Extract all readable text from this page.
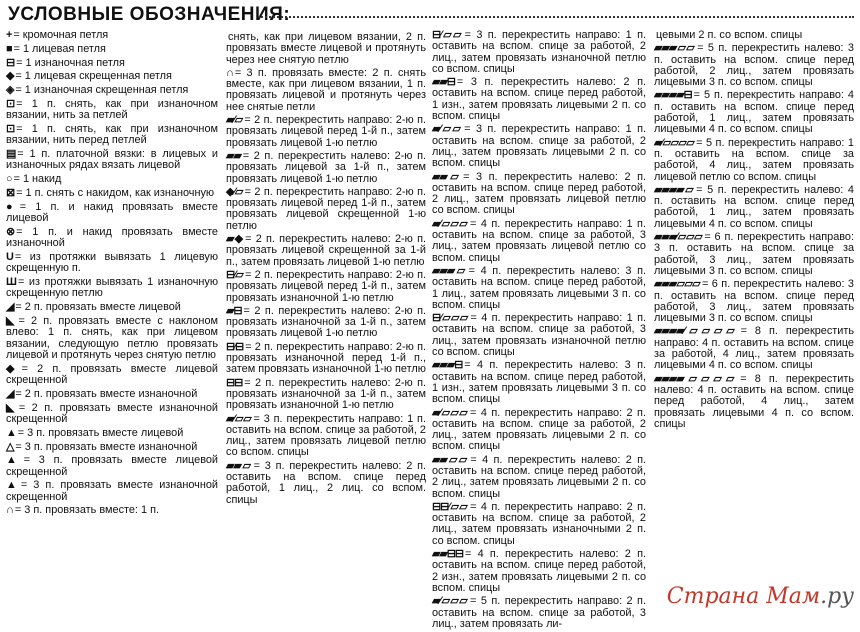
УСЛОВНЫЕ ОБОЗНАЧЕНИЯ:
+ = кромочная петля
■ = 1 лицевая петля
⊟ = 1 изнаночная петля
◆ = 1 лицевая скрещенная петля
◈ = 1 изнаночная скрещенная петля
⊡ = 1 п. снять, как при изнаночном вязании, нить за петлей
⊡ = 1 п. снять, как при изнаночном вязании, нить перед петлей
▤ = 1 п. платочной вязки: в лицевых и изнаночных рядах вязать лицевой
○ = 1 накид
⊠ = 1 п. снять с накидом, как изнаночную
● = 1 п. и накид провязать вместе лицевой
⊗ = 1 п. и накид провязать вместе изнаночной
U = из протяжки вывязать 1 лицевую скрещенную п.
Ш = из протяжки вывязать 1 изнаночную скрещенную петлю
◢ = 2 п. провязать вместе лицевой
◣ = 2 п. провязать вместе с наклоном влево: 1 п. снять, как при лицевом вязании, следующую петлю провязать лицевой и протянуть через снятую петлю
◆ = 2 п. провязать вместе лицевой скрещенной
◢ = 2 п. провязать вместе изнаночной
◣ = 2 п. провязать вместе изнаночной скрещенной
▲ = 3 п. провязать вместе лицевой
△ = 3 п. провязать вместе изнаночной
▲ = 3 п. провязать вместе лицевой скрещенной
▲ = 3 п. провязать вместе изнаночной скрещенной
∩ = 3 п. провязать вместе: 1 п.
снять, как при лицевом вязании, 2 п. провязать вместе лицевой и протянуть через нее снятую петлю
∩ = 3 п. провязать вместе: 2 п. снять вместе, как при лицевом вязании, 1 п. провязать лицевой и протянуть через нее снятые петли
▰⁄▱ = 2 п. перекрестить направо: 2-ю п. провязать лицевой перед 1-й п., затем провязать лицевой 1-ю петлю
▰▰ = 2 п. перекрестить налево: 2-ю п. провязать лицевой за 1-й п., затем провязать лицевой 1-ю петлю
◆⁄▱ = 2 п. перекрестить направо: 2-ю п. провязать лицевой перед 1-й п., затем провязать лицевой скрещенной 1-ю петлю
▰◆ = 2 п. перекрестить налево: 2-ю п. провязать лицевой скрещенной за 1-й п., затем провязать лицевой 1-ю петлю
⊟⁄▱ = 2 п. перекрестить направо: 2-ю п. провязать лицевой перед 1-й п., затем провязать изнаночной 1-ю петлю
▰⊟ = 2 п. перекрестить налево: 2-ю п. провязать изнаночной за 1-й п., затем провязать лицевой 1-ю петлю
⊟⁄⊟ = 2 п. перекрестить направо: 2-ю п. провязать изнаночной перед 1-й п., затем провязать изнаночной 1-ю петлю
⊟⊟ = 2 п. перекрестить налево: 2-ю п. провязать изнаночной за 1-й п., затем провязать изнаночной 1-ю петлю
▰⁄▱▱ = 3 п. перекрестить направо: 1 п. оставить на вспом. спице за работой, 2 лиц., затем провязать лицевой петлю со вспом. спицы
▰▰▱ = 3 п. перекрестить налево: 2 п. оставить на вспом. спице перед работой, 1 лиц., 2 лиц. со вспом. спицы
⊟⁄▱▱ = 3 п. перекрестить направо: 1 п. оставить на вспом. спице за работой, 2 лиц., затем провязать изнаночной петлю со вспом. спицы
▰▰⊟ = 3 п. перекрестить налево: 2 п. оставить на вспом. спице перед работой, 1 изн., затем провязать лицевыми 2 п. со вспом. спицы
▰⁄▱▱ = 3 п. перекрестить направо: 1 п. оставить на вспом. спице за работой, 2 лиц., затем провязать лицевыми 2 п. со вспом. спицы
▰▰▱ = 3 п. перекрестить налево: 2 п. оставить на вспом. спице перед работой, 2 лиц., затем провязать лицевой петлю со вспом. спицы
▰⁄▱▱▱ = 4 п. перекрестить направо: 1 п. оставить на вспом. спице за работой, 3 лиц., затем провязать лицевой петлю со вспом. спицы
▰▰▰▱ = 4 п. перекрестить налево: 3 п. оставить на вспом. спице перед работой, 1 лиц., затем провязать лицевыми 3 п. со вспом. спицы
⊟⁄▱▱▱ = 4 п. перекрестить направо: 1 п. оставить на вспом. спице за работой, 3 лиц., затем провязать изнаночной петлю со вспом. спицы
▰▰▰⊟ = 4 п. перекрестить налево: 3 п. оставить на вспом. спице перед работой, 1 изн., затем провязать лицевыми 3 п. со вспом. спицы
▰⁄▱▱▱ = 4 п. перекрестить направо: 2 п. оставить на вспом. спице за работой, 2 лиц., затем провязать лицевыми 2 п. со вспом. спицы
▰▰▱▱ = 4 п. перекрестить налево: 2 п. оставить на вспом. спице перед работой, 2 лиц., затем провязать лицевыми 2 п. со вспом. спицы
⊟⊟⁄▱▱ = 4 п. перекрестить направо: 2 п. оставить на вспом. спице за работой, 2 лиц., затем провязать изнаночными 2 п. со вспом. спицы
▰▰⊟⊟ = 4 п. перекрестить налево: 2 п. оставить на вспом. спице перед работой, 2 изн., затем провязать лицевыми 2 п. со вспом. спицы
▰⁄▱▱▱ = 5 п. перекрестить направо: 2 п. оставить на вспом. спице за работой, 3 лиц., затем провязать ли-
цевыми 2 п. со вспом. спицы
▰▰▰▱▱ = 5 п. перекрестить налево: 3 п. оставить на вспом. спице перед работой, 2 лиц., затем провязать лицевыми 3 п. со вспом. спицы
▰▰▰▰⊟ = 5 п. перекрестить направо: 4 п. оставить на вспом. спице перед работой, 1 лиц., затем провязать лицевыми 4 п. со вспом. спицы
▰⁄▱▱▱▱ = 5 п. перекрестить направо: 1 п. оставить на вспом. спице за работой, 4 лиц., затем провязать лицевой петлю со вспом. спицы
▰▰▰▰▱ = 5 п. перекрестить налево: 4 п. оставить на вспом. спице перед работой, 1 лиц., затем провязать лицевыми 4 п. со вспом. спицы
▰▰▰⁄▱▱▱ = 6 п. перекрестить направо: 3 п. оставить на вспом. спице за работой, 3 лиц., затем провязать лицевыми 3 п. со вспом. спицы
▰▰▰▱▱▱ = 6 п. перекрестить налево: 3 п. оставить на вспом. спице перед работой, 3 лиц., затем провязать лицевыми 3 п. со вспом. спицы
▰▰▰▰⁄▱▱▱▱ = 8 п. перекрестить направо: 4 п. оставить на вспом. спице за работой, 4 лиц., затем провязать лицевыми 4 п. со вспом. спицы
▰▰▰▰▱▱▱▱ = 8 п. перекрестить налево: 4 п. оставить на вспом. спице перед работой, 4 лиц., затем провязать лицевыми 4 п. со вспом. спицы
Страна Мам.ру
